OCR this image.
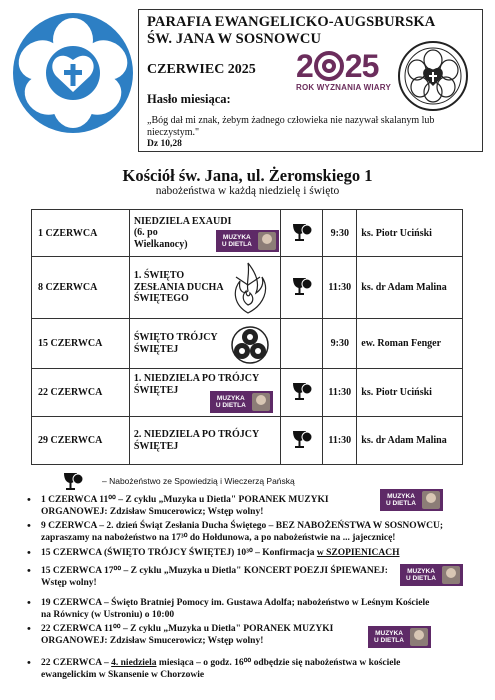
PARAFIA EWANGELICKO-AUGSBURSKA
ŚW. JANA W SOSNOWCU
CZERWIEC 2025
Hasło miesiąca:
„Bóg dał mi znak, żebym żadnego człowieka nie nazywał skalanym lub nieczystym."
Dz 10,28
2 25
ROK WYZNANIA WIARY
Kościół św. Jana, ul. Żeromskiego 1
nabożeństwa w każdą niedzielę i święto
1 CZERWCA	NIEDZIELA EXAUDI
(6. po
Wielkanocy)
MUZYKA
U DIETLA		9:30	ks. Piotr Uciński
8 CZERWCA	1. ŚWIĘTO
ZESŁANIA DUCHA
ŚWIĘTEGO		11:30	ks. dr Adam Malina
15 CZERWCA	ŚWIĘTO TRÓJCY
ŚWIĘTEJ		9:30	ew. Roman Fenger
22 CZERWCA	1. NIEDZIELA PO TRÓJCY
ŚWIĘTEJ
MUZYKA
U DIETLA		11:30	ks. Piotr Uciński
29 CZERWCA	2. NIEDZIELA PO TRÓJCY
ŚWIĘTEJ		11:30	ks. dr Adam Malina
– Nabożeństwo ze Spowiedzią i Wieczerzą Pańską
• 1 CZERWCA 11⁰⁰ – Z cyklu „Muzyka u Dietla" PORANEK MUZYKI
ORGANOWEJ: Zdzisław Smucerowicz; Wstęp wolny!
• 9 CZERWCA – 2. dzień Świąt Zesłania Ducha Świętego – BEZ NABOŻEŃSTWA W SOSNOWCU;
zapraszamy na nabożeństwo na 17³⁰ do Hołdunowa, a po nabożeństwie na ... jajecznicę!
• 15 CZERWCA (ŚWIĘTO TRÓJCY ŚWIĘTEJ) 10³⁰ – Konfirmacja w SZOPIENICACH
• 15 CZERWCA 17⁰⁰ – Z cyklu „Muzyka u Dietla" KONCERT POEZJI ŚPIEWANEJ:
Wstęp wolny!
• 19 CZERWCA – Święto Bratniej Pomocy im. Gustawa Adolfa; nabożeństwo w Leśnym Kościele
na Równicy (w Ustroniu) o 10:00
• 22 CZERWCA 11⁰⁰ – Z cyklu „Muzyka u Dietla" PORANEK MUZYKI
ORGANOWEJ: Zdzisław Smucerowicz; Wstęp wolny!
• 22 CZERWCA – 4. niedziela miesiąca – o godz. 16⁰⁰ odbędzie się nabożeństwa w kościele
ewangelickim w Skansenie w Chorzowie
MUZYKA
U DIETLA
MUZYKA
U DIETLA
MUZYKA
U DIETLA
